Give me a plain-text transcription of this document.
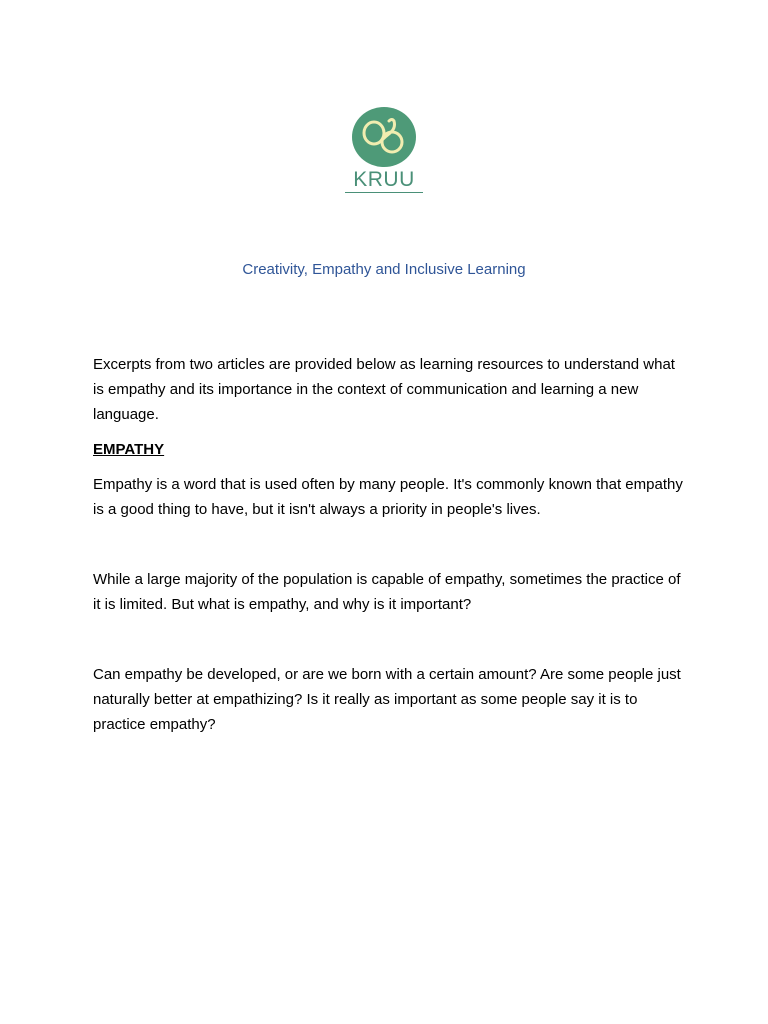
KRUU
Creativity, Empathy and Inclusive Learning

Excerpts from two articles are provided below as learning resources to understand what is empathy and its importance in the context of communication and learning a new language.

EMPATHY

Empathy is a word that is used often by many people. It's commonly known that empathy is a good thing to have, but it isn't always a priority in people's lives.

While a large majority of the population is capable of empathy, sometimes the practice of it is limited. But what is empathy, and why is it important?

Can empathy be developed, or are we born with a certain amount? Are some people just naturally better at empathizing? Is it really as important as some people say it is to practice empathy?
